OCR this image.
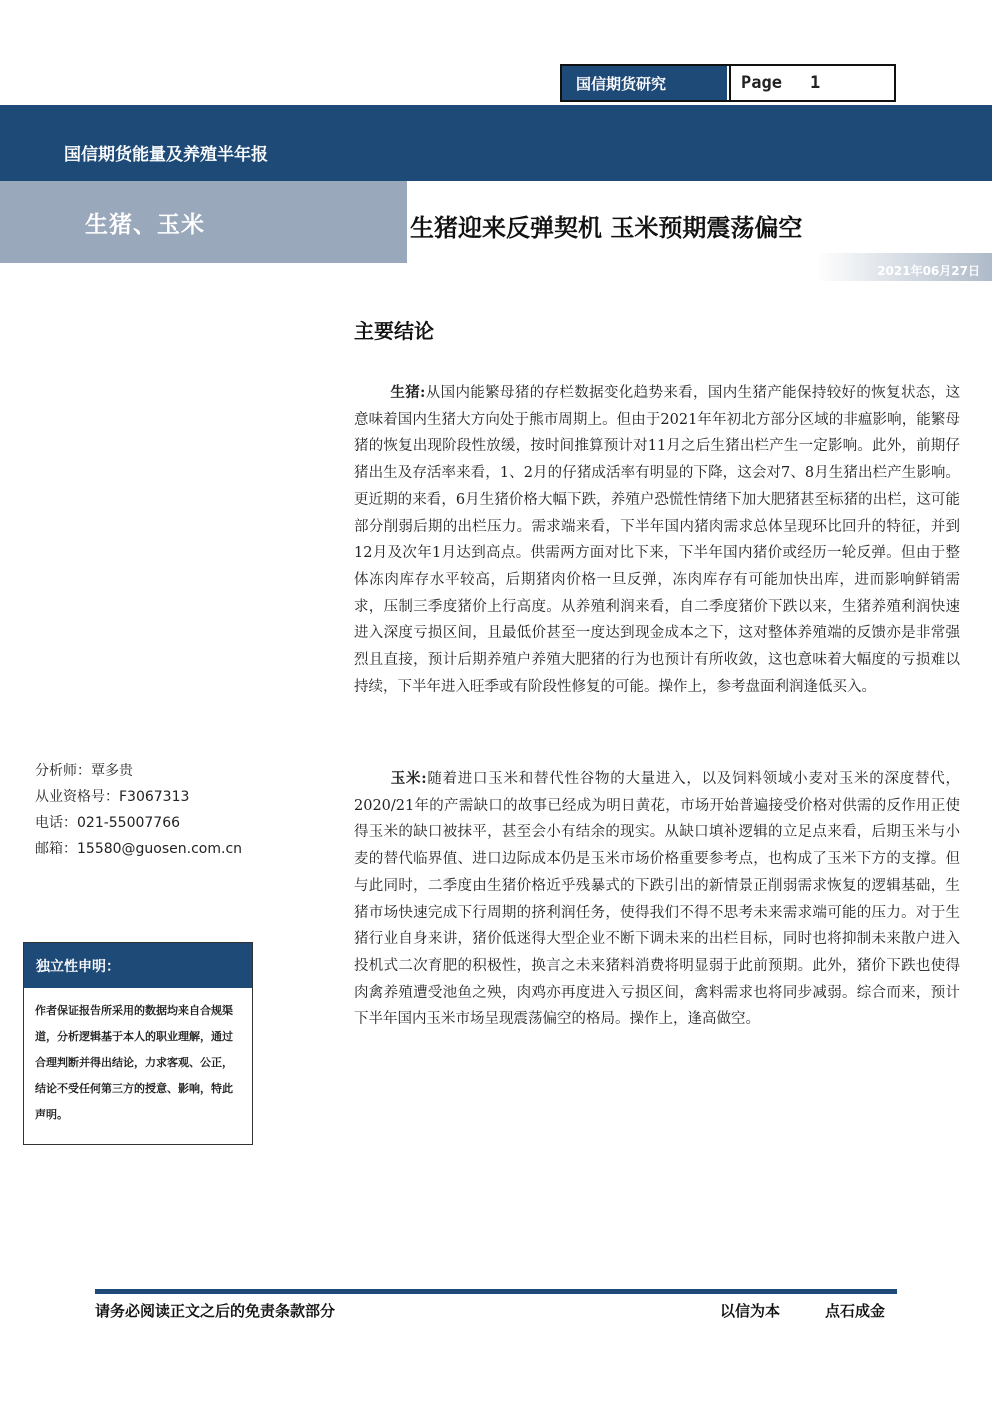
国信期货研究	Page 1
国信期货能量及养殖半年报
生猪、玉米	生猪迎来反弹契机 玉米预期震荡偏空
2021年06月27日
主要结论
生猪:从国内能繁母猪的存栏数据变化趋势来看，国内生猪产能保持较好的恢复状态，这意味着国内生猪大方向处于熊市周期上。但由于2021年年初北方部分区域的非瘟影响，能繁母猪的恢复出现阶段性放缓，按时间推算预计对11月之后生猪出栏产生一定影响。此外，前期仔猪出生及存活率来看，1、2月的仔猪成活率有明显的下降，这会对7、8月生猪出栏产生影响。更近期的来看，6月生猪价格大幅下跌，养殖户恐慌性情绪下加大肥猪甚至标猪的出栏，这可能部分削弱后期的出栏压力。需求端来看，下半年国内猪肉需求总体呈现环比回升的特征，并到12月及次年1月达到高点。供需两方面对比下来，下半年国内猪价或经历一轮反弹。但由于整体冻肉库存水平较高，后期猪肉价格一旦反弹，冻肉库存有可能加快出库，进而影响鲜销需求，压制三季度猪价上行高度。从养殖利润来看，自二季度猪价下跌以来，生猪养殖利润快速进入深度亏损区间，且最低价甚至一度达到现金成本之下，这对整体养殖端的反馈亦是非常强烈且直接，预计后期养殖户养殖大肥猪的行为也预计有所收敛，这也意味着大幅度的亏损难以持续，下半年进入旺季或有阶段性修复的可能。操作上，参考盘面利润逢低买入。
玉米:随着进口玉米和替代性谷物的大量进入，以及饲料领域小麦对玉米的深度替代，2020/21年的产需缺口的故事已经成为明日黄花，市场开始普遍接受价格对供需的反作用正使得玉米的缺口被抹平，甚至会小有结余的现实。从缺口填补逻辑的立足点来看，后期玉米与小麦的替代临界值、进口边际成本仍是玉米市场价格重要参考点，也构成了玉米下方的支撑。但与此同时，二季度由生猪价格近乎残暴式的下跌引出的新情景正削弱需求恢复的逻辑基础，生猪市场快速完成下行周期的挤利润任务，使得我们不得不思考未来需求端可能的压力。对于生猪行业自身来讲，猪价低迷得大型企业不断下调未来的出栏目标，同时也将抑制未来散户进入投机式二次育肥的积极性，换言之未来猪料消费将明显弱于此前预期。此外，猪价下跌也使得肉禽养殖遭受池鱼之殃，肉鸡亦再度进入亏损区间，禽料需求也将同步减弱。综合而来，预计下半年国内玉米市场呈现震荡偏空的格局。操作上，逢高做空。
分析师：覃多贵
从业资格号：F3067313
电话：021-55007766
邮箱：15580@guosen.com.cn
独立性申明：
作者保证报告所采用的数据均来自合规渠道，分析逻辑基于本人的职业理解，通过合理判断并得出结论，力求客观、公正，结论不受任何第三方的授意、影响，特此声明。
请务必阅读正文之后的免责条款部分	以信为本	点石成金
